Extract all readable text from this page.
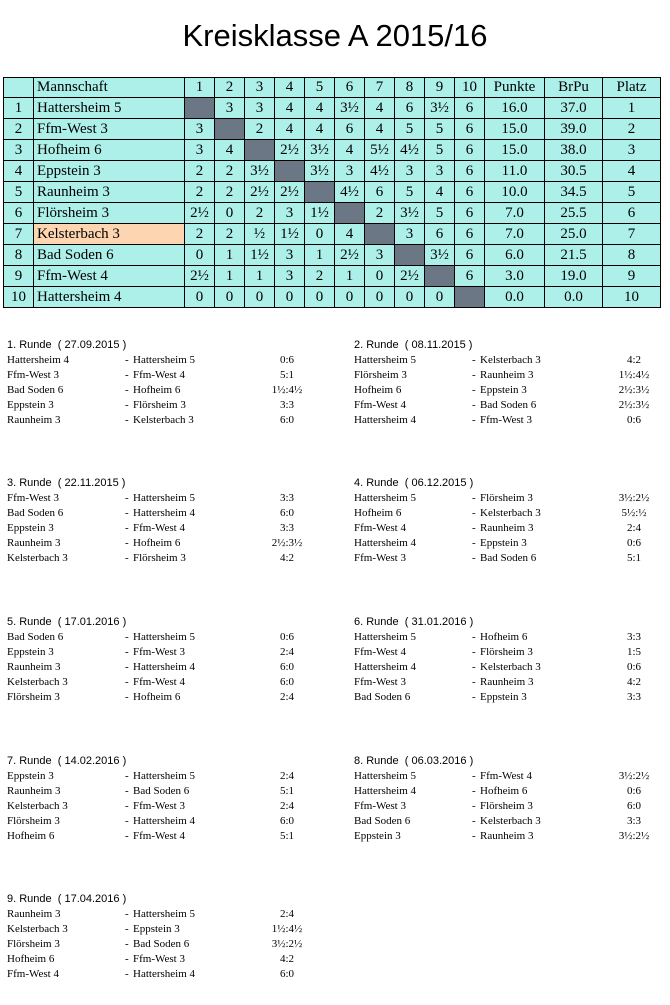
Kreisklasse A 2015/16
	Mannschaft	1	2	3	4	5	6	7	8	9	10	Punkte	BrPu	Platz
1	Hattersheim 5		3	3	4	4	3½	4	6	3½	6	16.0	37.0	1
2	Ffm-West 3	3		2	4	4	6	4	5	5	6	15.0	39.0	2
3	Hofheim 6	3	4		2½	3½	4	5½	4½	5	6	15.0	38.0	3
4	Eppstein 3	2	2	3½		3½	3	4½	3	3	6	11.0	30.5	4
5	Raunheim 3	2	2	2½	2½		4½	6	5	4	6	10.0	34.5	5
6	Flörsheim 3	2½	0	2	3	1½		2	3½	5	6	7.0	25.5	6
7	Kelsterbach 3	2	2	½	1½	0	4		3	6	6	7.0	25.0	7
8	Bad Soden 6	0	1	1½	3	1	2½	3		3½	6	6.0	21.5	8
9	Ffm-West 4	2½	1	1	3	2	1	0	2½		6	3.0	19.0	9
10	Hattersheim 4	0	0	0	0	0	0	0	0	0		0.0	0.0	10
1. Runde  ( 27.09.2015 )
Hattersheim 4	- Hattersheim 5	0:6
Ffm-West 3	- Ffm-West 4	5:1
Bad Soden 6	- Hofheim 6	1½:4½
Eppstein 3	- Flörsheim 3	3:3
Raunheim 3	- Kelsterbach 3	6:0
2. Runde  ( 08.11.2015 )
Hattersheim 5	- Kelsterbach 3	4:2
Flörsheim 3	- Raunheim 3	1½:4½
Hofheim 6	- Eppstein 3	2½:3½
Ffm-West 4	- Bad Soden 6	2½:3½
Hattersheim 4	- Ffm-West 3	0:6
3. Runde  ( 22.11.2015 )
Ffm-West 3	- Hattersheim 5	3:3
Bad Soden 6	- Hattersheim 4	6:0
Eppstein 3	- Ffm-West 4	3:3
Raunheim 3	- Hofheim 6	2½:3½
Kelsterbach 3	- Flörsheim 3	4:2
4. Runde  ( 06.12.2015 )
Hattersheim 5	- Flörsheim 3	3½:2½
Hofheim 6	- Kelsterbach 3	5½:½
Ffm-West 4	- Raunheim 3	2:4
Hattersheim 4	- Eppstein 3	0:6
Ffm-West 3	- Bad Soden 6	5:1
5. Runde  ( 17.01.2016 )
Bad Soden 6	- Hattersheim 5	0:6
Eppstein 3	- Ffm-West 3	2:4
Raunheim 3	- Hattersheim 4	6:0
Kelsterbach 3	- Ffm-West 4	6:0
Flörsheim 3	- Hofheim 6	2:4
6. Runde  ( 31.01.2016 )
Hattersheim 5	- Hofheim 6	3:3
Ffm-West 4	- Flörsheim 3	1:5
Hattersheim 4	- Kelsterbach 3	0:6
Ffm-West 3	- Raunheim 3	4:2
Bad Soden 6	- Eppstein 3	3:3
7. Runde  ( 14.02.2016 )
Eppstein 3	- Hattersheim 5	2:4
Raunheim 3	- Bad Soden 6	5:1
Kelsterbach 3	- Ffm-West 3	2:4
Flörsheim 3	- Hattersheim 4	6:0
Hofheim 6	- Ffm-West 4	5:1
8. Runde  ( 06.03.2016 )
Hattersheim 5	- Ffm-West 4	3½:2½
Hattersheim 4	- Hofheim 6	0:6
Ffm-West 3	- Flörsheim 3	6:0
Bad Soden 6	- Kelsterbach 3	3:3
Eppstein 3	- Raunheim 3	3½:2½
9. Runde  ( 17.04.2016 )
Raunheim 3	- Hattersheim 5	2:4
Kelsterbach 3	- Eppstein 3	1½:4½
Flörsheim 3	- Bad Soden 6	3½:2½
Hofheim 6	- Ffm-West 3	4:2
Ffm-West 4	- Hattersheim 4	6:0
